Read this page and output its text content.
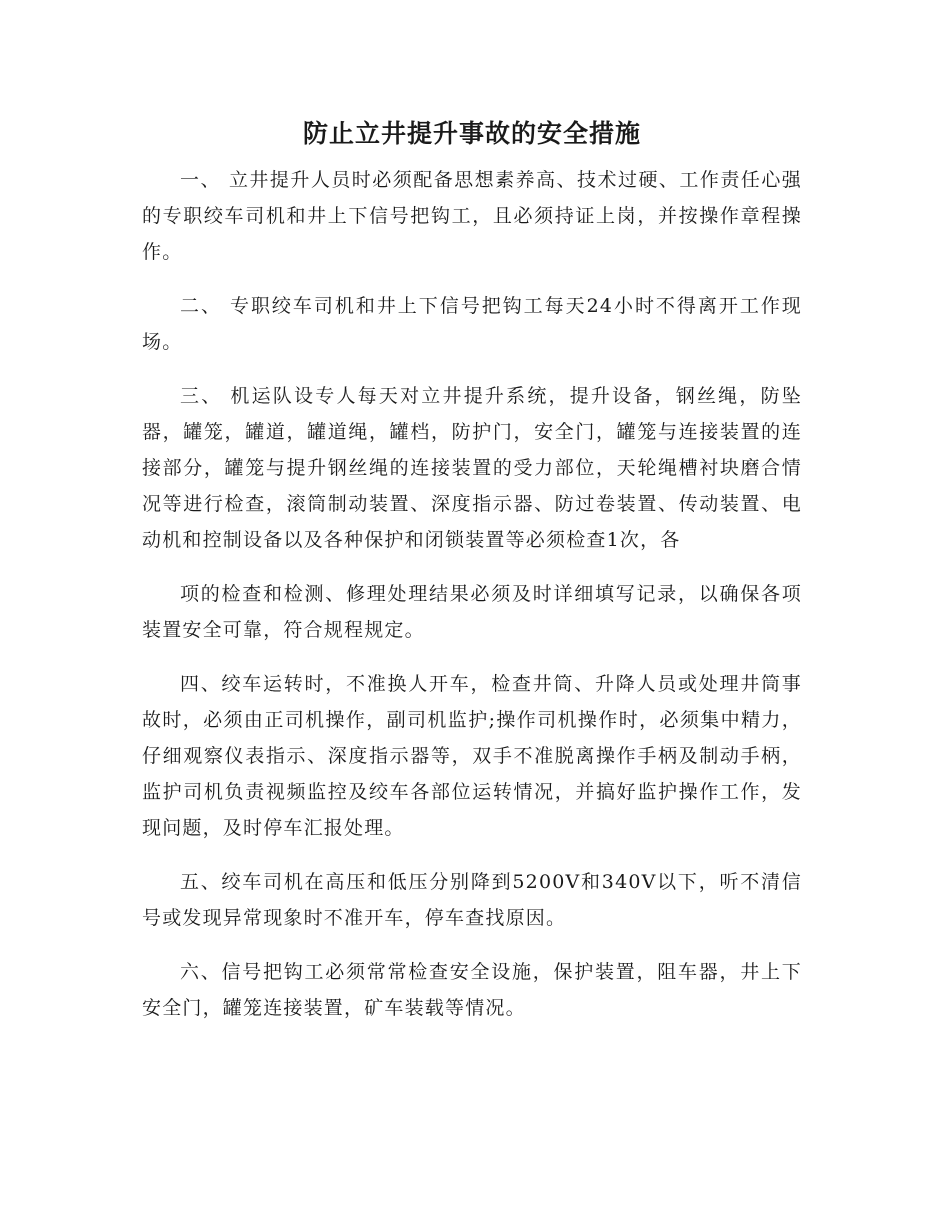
防止立井提升事故的安全措施

一、 立井提升人员时必须配备思想素养高、技术过硬、工作责任心强的专职绞车司机和井上下信号把钩工，且必须持证上岗，并按操作章程操作。

二、 专职绞车司机和井上下信号把钩工每天24小时不得离开工作现场。

三、 机运队设专人每天对立井提升系统，提升设备，钢丝绳，防坠器，罐笼，罐道，罐道绳，罐档，防护门，安全门，罐笼与连接装置的连接部分，罐笼与提升钢丝绳的连接装置的受力部位，天轮绳槽衬块磨合情况等进行检查，滚筒制动装置、深度指示器、防过卷装置、传动装置、电动机和控制设备以及各种保护和闭锁装置等必须检查1次，各

项的检查和检测、修理处理结果必须及时详细填写记录，以确保各项装置安全可靠，符合规程规定。

四、绞车运转时，不准换人开车，检查井筒、升降人员或处理井筒事故时，必须由正司机操作，副司机监护;操作司机操作时，必须集中精力，仔细观察仪表指示、深度指示器等，双手不准脱离操作手柄及制动手柄，监护司机负责视频监控及绞车各部位运转情况，并搞好监护操作工作，发现问题，及时停车汇报处理。

五、绞车司机在高压和低压分别降到5200V和340V以下，听不清信号或发现异常现象时不准开车，停车查找原因。

六、信号把钩工必须常常检查安全设施，保护装置，阻车器，井上下安全门，罐笼连接装置，矿车装载等情况。
